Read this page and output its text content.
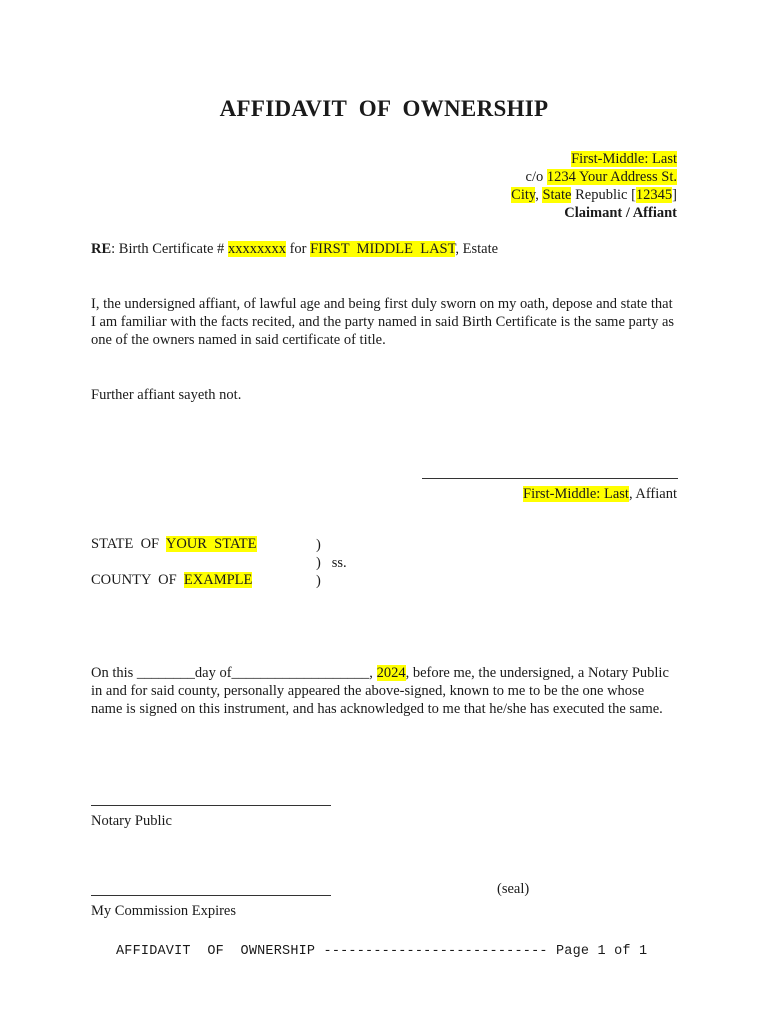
AFFIDAVIT OF OWNERSHIP
First-Middle: Last
c/o 1234 Your Address St.
City, State Republic [12345]
Claimant / Affiant
RE: Birth Certificate # xxxxxxxx for FIRST  MIDDLE  LAST, Estate
I, the undersigned affiant, of lawful age and being first duly sworn on my oath, depose and state that I am familiar with the facts recited, and the party named in said Birth Certificate is the same party as one of the owners named in said certificate of title.
Further affiant sayeth not.
First-Middle: Last, Affiant
STATE  OF  YOUR  STATE
COUNTY  OF  EXAMPLE
)
)   ss.
)
On this ________day of___________________, 2024, before me, the undersigned, a Notary Public in and for said county, personally appeared the above-signed, known to me to be the one whose name is signed on this instrument, and has acknowledged to me that he/she has executed the same.
Notary Public
My Commission Expires
(seal)
AFFIDAVIT  OF  OWNERSHIP --------------------------- Page 1 of 1
